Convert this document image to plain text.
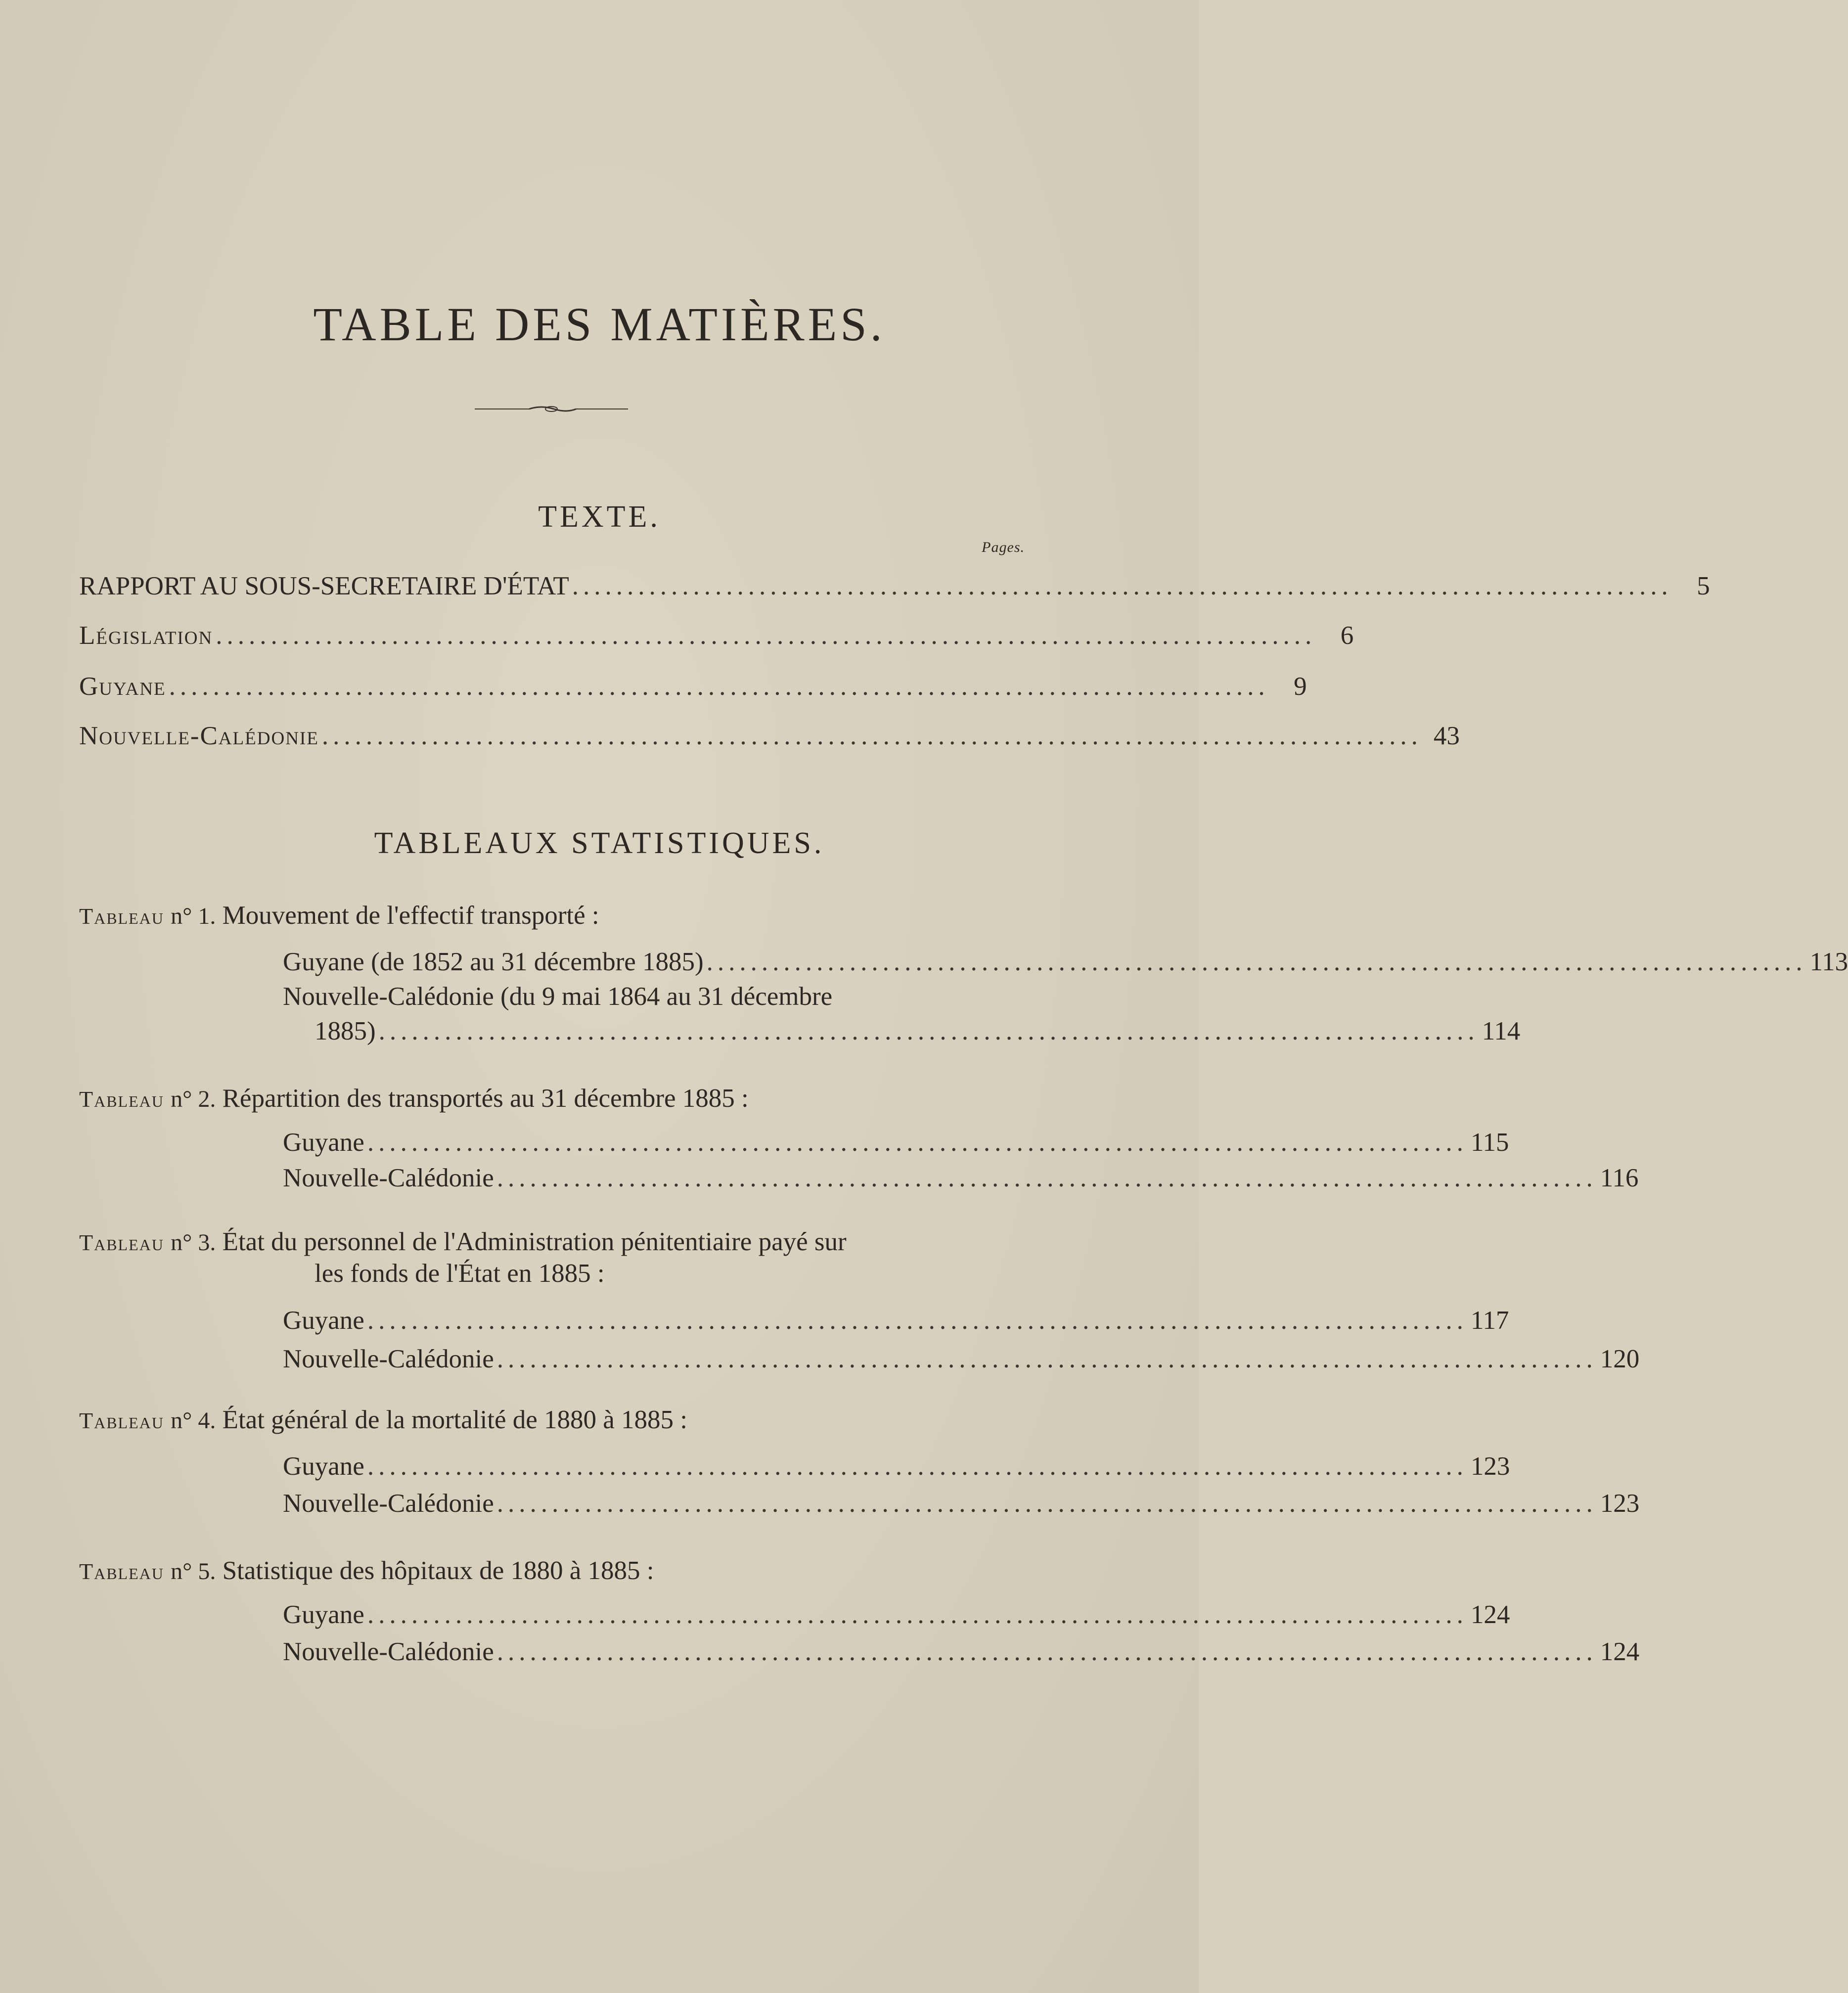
TABLE DES MATIÈRES.
TEXTE.
Pages.
RAPPORT AU SOUS-SECRETAIRE D'ÉTAT .................................................................................................... 5
Législation .................................................................................................... 6
Guyane .................................................................................................... 9
Nouvelle-Calédonie .................................................................................................... 43
TABLEAUX STATISTIQUES.
Tableau n° 1. Mouvement de l'effectif transporté :
Guyane (de 1852 au 31 décembre 1885) .................................................................................................... 113
Nouvelle-Calédonie (du 9 mai 1864 au 31 décembre
1885) .................................................................................................... 114
Tableau n° 2. Répartition des transportés au 31 décembre 1885 :
Guyane .................................................................................................... 115
Nouvelle-Calédonie .................................................................................................... 116
Tableau n° 3. État du personnel de l'Administration pénitentiaire payé sur
les fonds de l'État en 1885 :
Guyane .................................................................................................... 117
Nouvelle-Calédonie .................................................................................................... 120
Tableau n° 4. État général de la mortalité de 1880 à 1885 :
Guyane .................................................................................................... 123
Nouvelle-Calédonie .................................................................................................... 123
Tableau n° 5. Statistique des hôpitaux de 1880 à 1885 :
Guyane .................................................................................................... 124
Nouvelle-Calédonie .................................................................................................... 124
